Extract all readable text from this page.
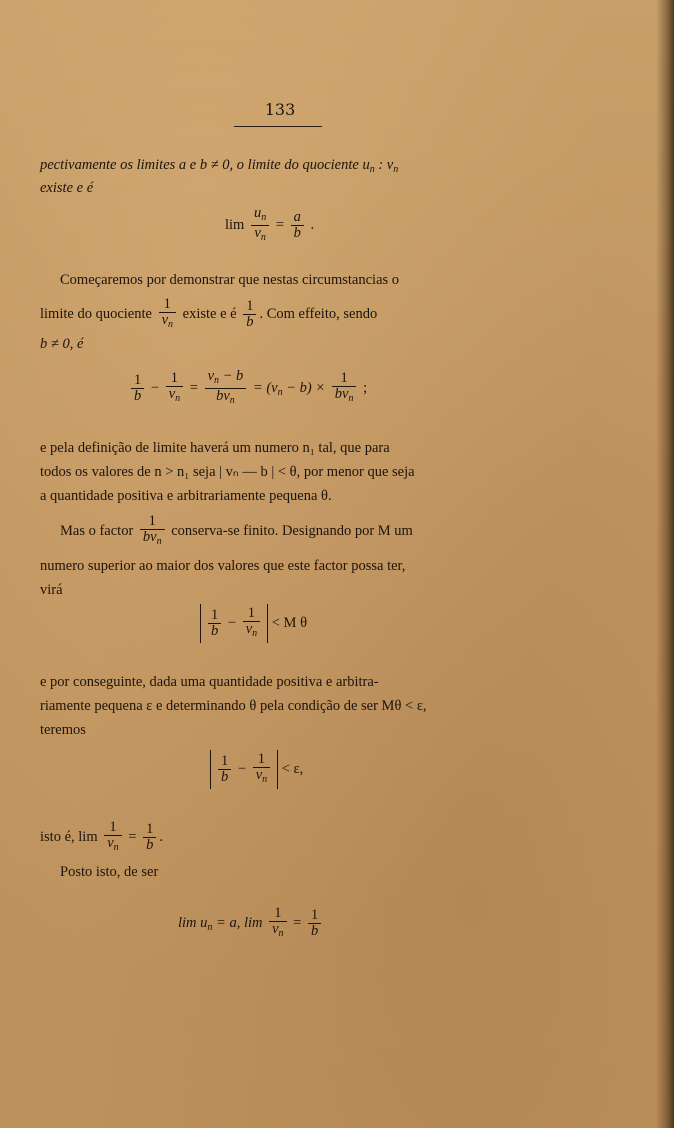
133
pectivamente os limites a e b ≠ 0, o limite do quociente $u_n$ : $v_n$
existe e é
$\lim \frac{u_n}{v_n} = \frac{a}{b}$ .
Começaremos por demonstrar que nestas circumstancias o
limite do quociente $\frac{1}{v_n}$ existe e é $\frac{1}{b}$ . Com effeito, sendo
b ≠ 0, é
$\frac{1}{b} - \frac{1}{v_n} = \frac{v_n - b}{bv_n} = (v_n - b) \times \frac{1}{bv_n}$ ;
e pela definição de limite haverá um numero n₁ tal, que para
todos os valores de n > n₁ seja | vₙ — b | < θ, por menor que seja
a quantidade positiva e arbitrariamente pequena θ.
Mas o factor $\frac{1}{bv_n}$ conserva-se finito. Designando por M um
numero superior ao maior dos valores que este factor possa ter,
virá
$\frac{1}{b} - \frac{1}{v_n} < M$ θ
e por conseguinte, dada uma quantidade positiva e arbitra-
riamente pequena ε e determinando θ pela condição de ser Mθ < ε,
teremos
$\frac{1}{b} - \frac{1}{v_n} < \varepsilon$,
isto é, $\lim \frac{1}{v_n} = \frac{1}{b}$ .
Posto isto, de ser
$\lim u_n = a$, $\lim \frac{1}{v_n} = \frac{1}{b}$
